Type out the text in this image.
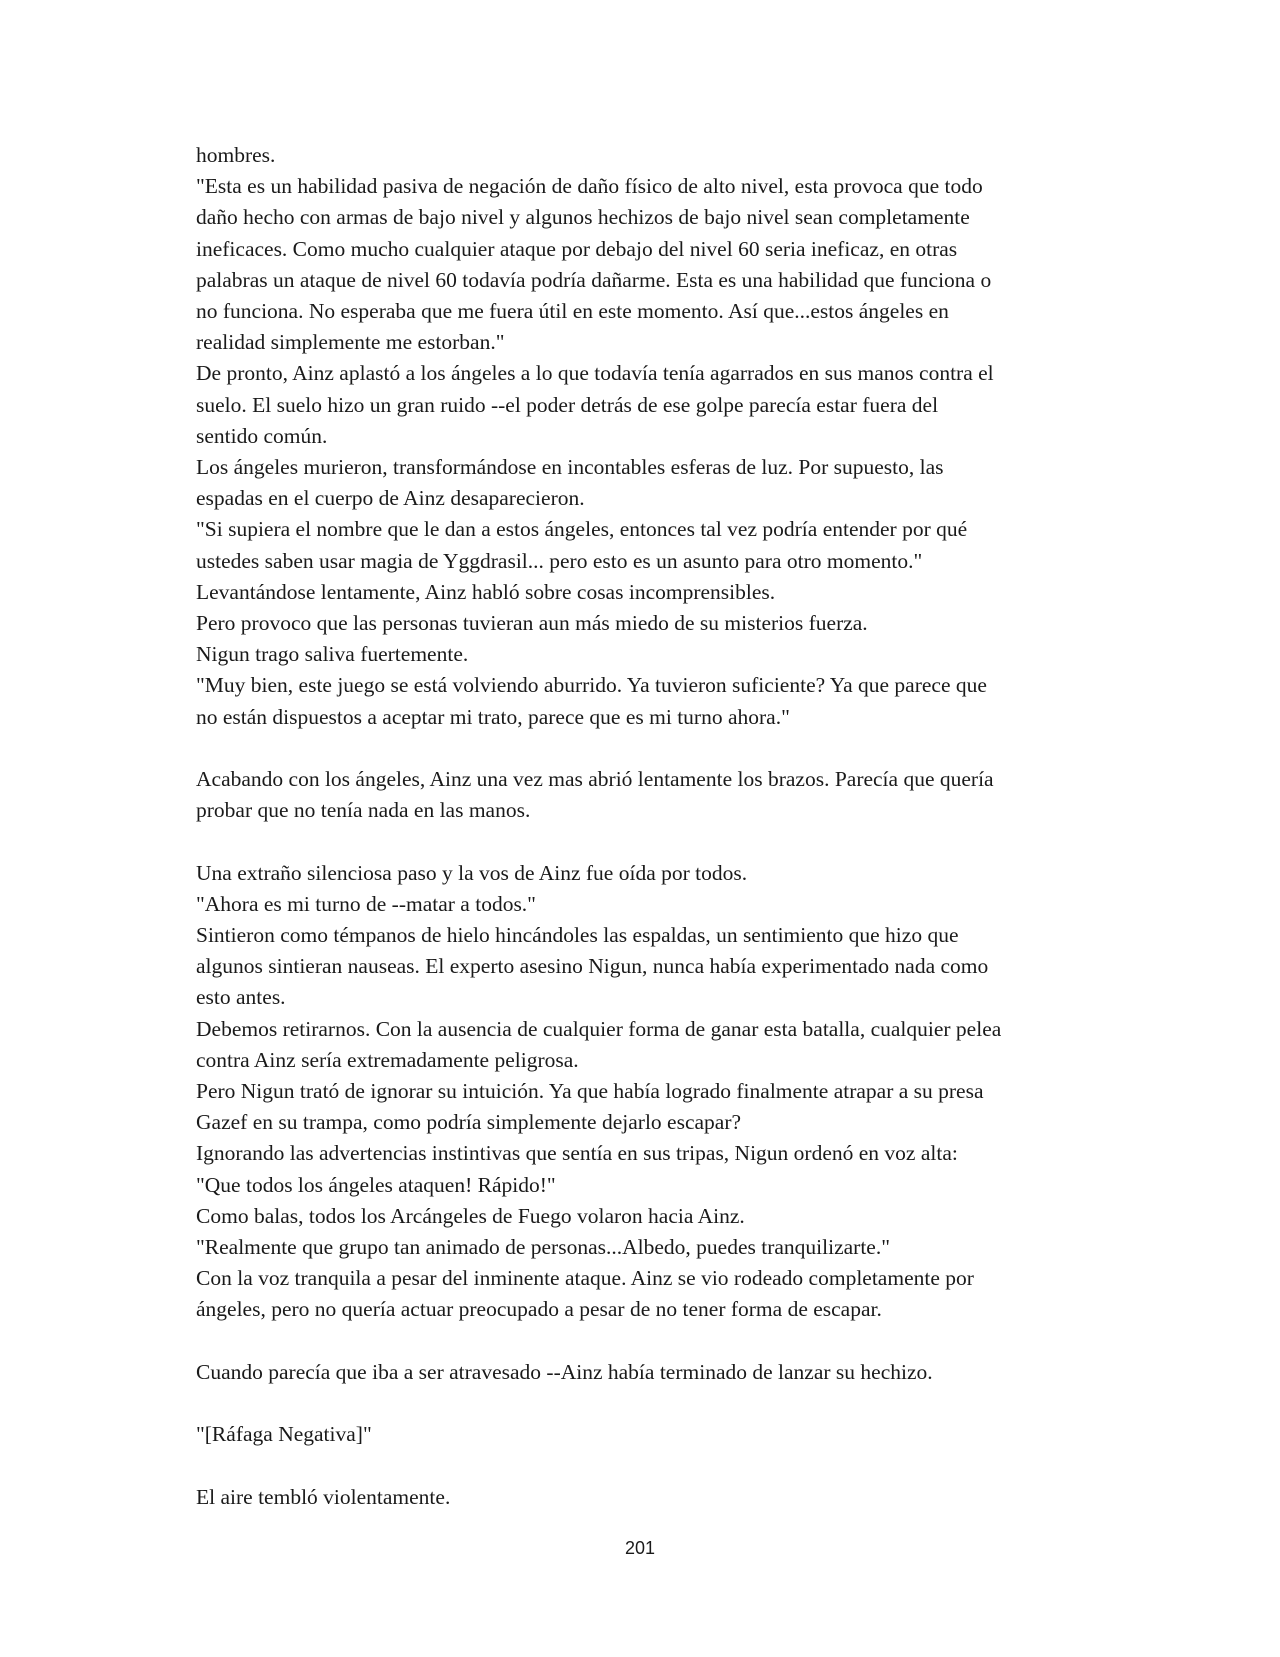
hombres.
"Esta es un habilidad pasiva de negación de daño físico de alto nivel, esta provoca que todo
daño hecho con armas de bajo nivel y algunos hechizos de bajo nivel sean completamente
ineficaces. Como mucho cualquier ataque por debajo del nivel 60 seria ineficaz, en otras
palabras un ataque de nivel 60 todavía podría dañarme. Esta es una habilidad que funciona o
no funciona. No esperaba que me fuera útil en este momento. Así que...estos ángeles en
realidad simplemente me estorban."
De pronto, Ainz aplastó a los ángeles a lo que todavía tenía agarrados en sus manos contra el
suelo. El suelo hizo un gran ruido --el poder detrás de ese golpe parecía estar fuera del
sentido común.
Los ángeles murieron, transformándose en incontables esferas de luz. Por supuesto, las
espadas en el cuerpo de Ainz desaparecieron.
"Si supiera el nombre que le dan a estos ángeles, entonces tal vez podría entender por qué
ustedes saben usar magia de Yggdrasil... pero esto es un asunto para otro momento."
Levantándose lentamente, Ainz habló sobre cosas incomprensibles.
Pero provoco que las personas tuvieran aun más miedo de su misterios fuerza.
Nigun trago saliva fuertemente.
"Muy bien, este juego se está volviendo aburrido. Ya tuvieron suficiente? Ya que parece que
no están dispuestos a aceptar mi trato, parece que es mi turno ahora."
Acabando con los ángeles, Ainz una vez mas abrió lentamente los brazos. Parecía que quería
probar que no tenía nada en las manos.
Una extraño silenciosa paso y la vos de Ainz fue oída por todos.
"Ahora es mi turno de --matar a todos."
Sintieron como témpanos de hielo hincándoles las espaldas, un sentimiento que hizo que
algunos sintieran nauseas. El experto asesino Nigun, nunca había experimentado nada como
esto antes.
Debemos retirarnos. Con la ausencia de cualquier forma de ganar esta batalla, cualquier pelea
contra Ainz sería extremadamente peligrosa.
Pero Nigun trató de ignorar su intuición. Ya que había logrado finalmente atrapar a su presa
Gazef en su trampa, como podría simplemente dejarlo escapar?
Ignorando las advertencias instintivas que sentía en sus tripas, Nigun ordenó en voz alta:
"Que todos los ángeles ataquen! Rápido!"
Como balas, todos los Arcángeles de Fuego volaron hacia Ainz.
"Realmente que grupo tan animado de personas...Albedo, puedes tranquilizarte."
Con la voz tranquila a pesar del inminente ataque. Ainz se vio rodeado completamente por
ángeles, pero no quería actuar preocupado a pesar de no tener forma de escapar.
Cuando parecía que iba a ser atravesado --Ainz había terminado de lanzar su hechizo.
"[Ráfaga Negativa]"
El aire tembló violentamente.
201
